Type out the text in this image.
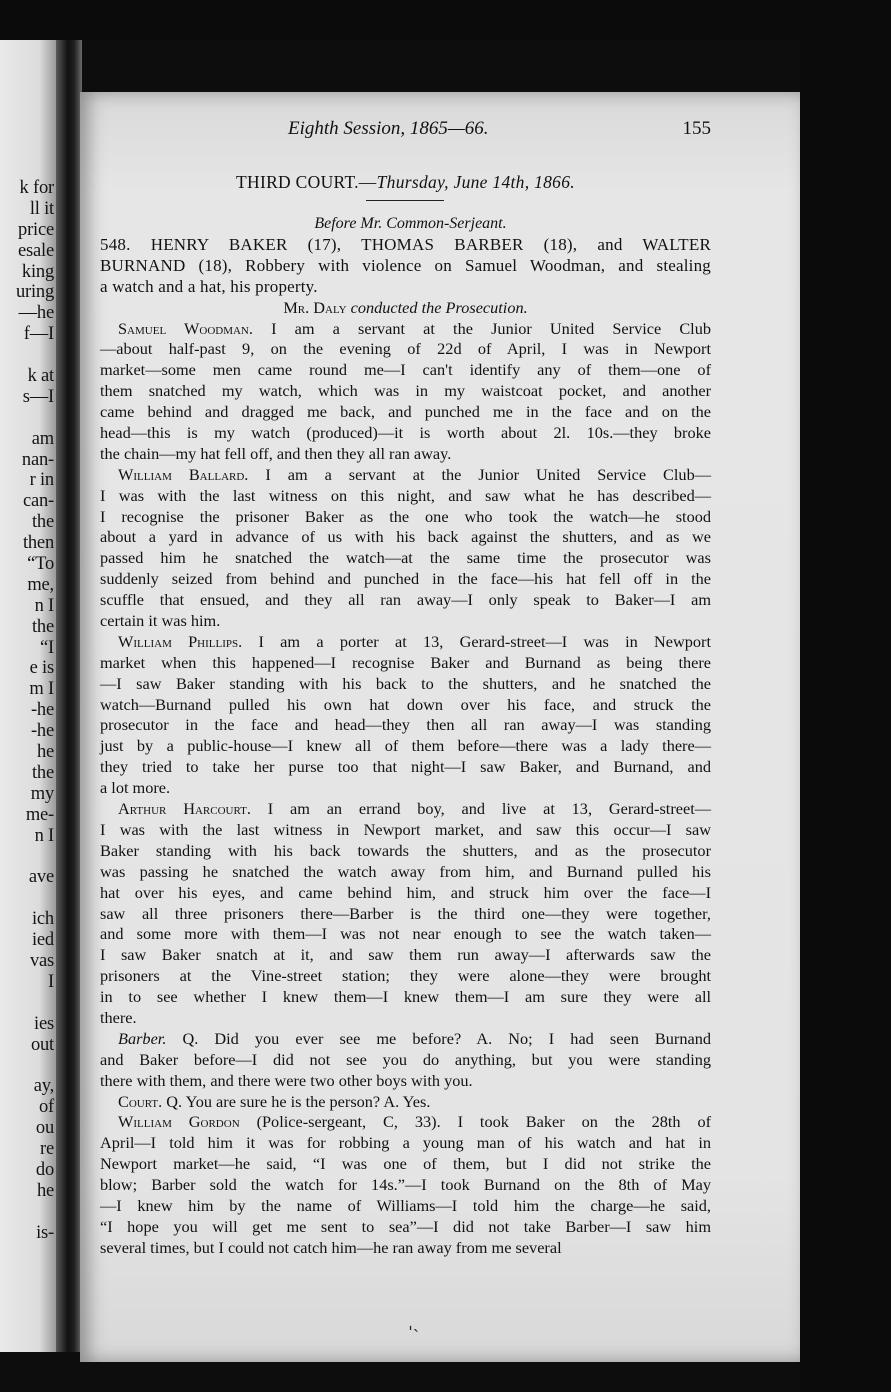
k for
ll it
price
esale
king
uring
—he
f—I
k at
s—I
am
nan-
r in
can-
the
then
“To
me,
n I
the
“I
e is
m I
-he
-he
he
the
my
me-
n I
ave
ich
ied
vas
I
ies
out
ay,
of
ou
re
do
he
is-
Eighth Session, 1865—66.	155
THIRD COURT.—Thursday, June 14th, 1866.
Before Mr. Common-Serjeant.
548. HENRY BAKER (17), THOMAS BARBER (18), and WALTER
BURNAND (18), Robbery with violence on Samuel Woodman, and stealing
a watch and a hat, his property.
Mr. Daly conducted the Prosecution.
Samuel Woodman. I am a servant at the Junior United Service Club
—about half-past 9, on the evening of 22d of April, I was in Newport
market—some men came round me—I can't identify any of them—one of
them snatched my watch, which was in my waistcoat pocket, and another
came behind and dragged me back, and punched me in the face and on the
head—this is my watch (produced)—it is worth about 2l. 10s.—they broke
the chain—my hat fell off, and then they all ran away.
William Ballard. I am a servant at the Junior United Service Club—
I was with the last witness on this night, and saw what he has described—
I recognise the prisoner Baker as the one who took the watch—he stood
about a yard in advance of us with his back against the shutters, and as we
passed him he snatched the watch—at the same time the prosecutor was
suddenly seized from behind and punched in the face—his hat fell off in the
scuffle that ensued, and they all ran away—I only speak to Baker—I am
certain it was him.
William Phillips. I am a porter at 13, Gerard-street—I was in Newport
market when this happened—I recognise Baker and Burnand as being there
—I saw Baker standing with his back to the shutters, and he snatched the
watch—Burnand pulled his own hat down over his face, and struck the
prosecutor in the face and head—they then all ran away—I was standing
just by a public-house—I knew all of them before—there was a lady there—
they tried to take her purse too that night—I saw Baker, and Burnand, and
a lot more.
Arthur Harcourt. I am an errand boy, and live at 13, Gerard-street—
I was with the last witness in Newport market, and saw this occur—I saw
Baker standing with his back towards the shutters, and as the prosecutor
was passing he snatched the watch away from him, and Burnand pulled his
hat over his eyes, and came behind him, and struck him over the face—I
saw all three prisoners there—Barber is the third one—they were together,
and some more with them—I was not near enough to see the watch taken—
I saw Baker snatch at it, and saw them run away—I afterwards saw the
prisoners at the Vine-street station; they were alone—they were brought
in to see whether I knew them—I knew them—I am sure they were all
there.
Barber. Q. Did you ever see me before? A. No; I had seen Burnand
and Baker before—I did not see you do anything, but you were standing
there with them, and there were two other boys with you.
Court. Q. You are sure he is the person? A. Yes.
William Gordon (Police-sergeant, C, 33). I took Baker on the 28th of
April—I told him it was for robbing a young man of his watch and hat in
Newport market—he said, “I was one of them, but I did not strike the
blow; Barber sold the watch for 14s.”—I took Burnand on the 8th of May
—I knew him by the name of Williams—I told him the charge—he said,
“I hope you will get me sent to sea”—I did not take Barber—I saw him
several times, but I could not catch him—he ran away from me several
ˌˏ
